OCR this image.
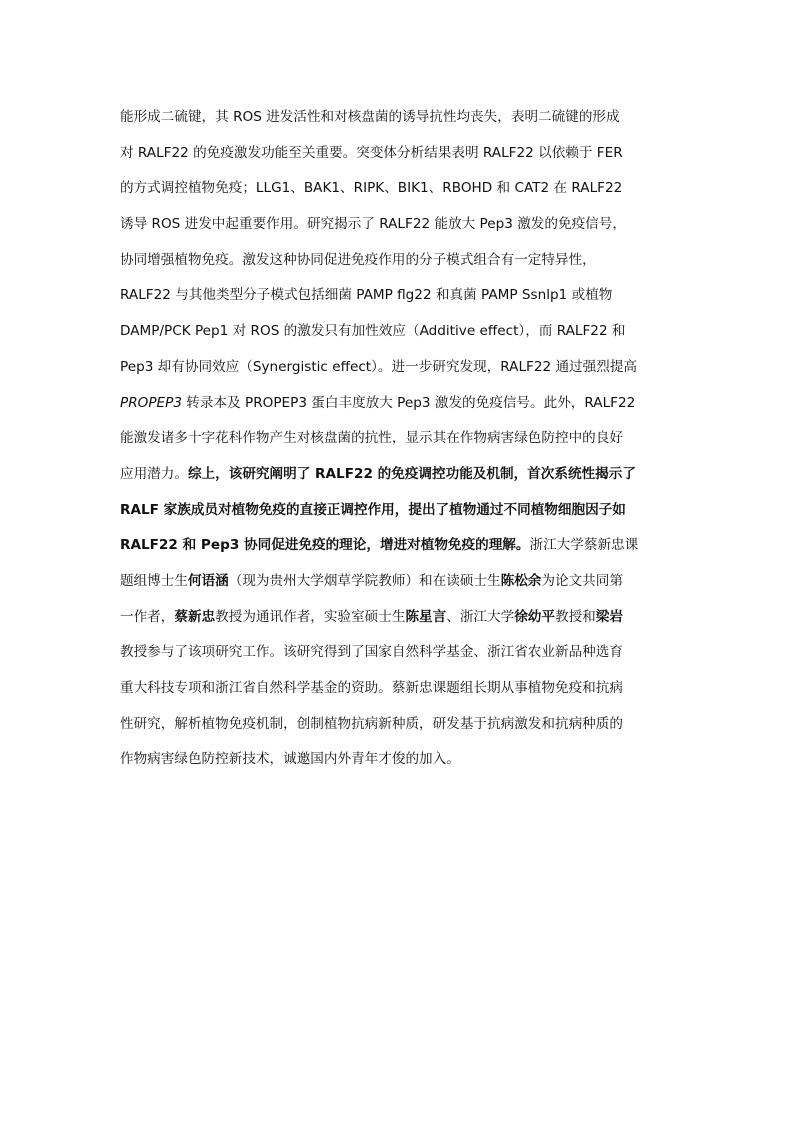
能形成二硫键，其 ROS 进发活性和对核盘菌的诱导抗性均丧失，表明二硫键的形成
对 RALF22 的免疫激发功能至关重要。突变体分析结果表明 RALF22 以依赖于 FER
的方式调控植物免疫；LLG1、BAK1、RIPK、BIK1、RBOHD 和 CAT2 在 RALF22
诱导 ROS 进发中起重要作用。研究揭示了 RALF22 能放大 Pep3 激发的免疫信号，
协同增强植物免疫。激发这种协同促进免疫作用的分子模式组合有一定特异性，
RALF22 与其他类型分子模式包括细菌 PAMP flg22 和真菌 PAMP Ssnlp1 或植物
DAMP/PCK Pep1 对 ROS 的激发只有加性效应（Additive effect），而 RALF22 和
Pep3 却有协同效应（Synergistic effect）。进一步研究发现，RALF22 通过强烈提高
PROPEP3 转录本及 PROPEP3 蛋白丰度放大 Pep3 激发的免疫信号。此外，RALF22
能激发诸多十字花科作物产生对核盘菌的抗性，显示其在作物病害绿色防控中的良好
应用潜力。综上，该研究阐明了 RALF22 的免疫调控功能及机制，首次系统性揭示了
RALF 家族成员对植物免疫的直接正调控作用，提出了植物通过不同植物细胞因子如
RALF22 和 Pep3 协同促进免疫的理论，增进对植物免疫的理解。浙江大学蔡新忠课
题组博士生何语涵（现为贵州大学烟草学院教师）和在读硕士生陈松余为论文共同第
一作者，蔡新忠教授为通讯作者，实验室硕士生陈星言、浙江大学徐幼平教授和梁岩
教授参与了该项研究工作。该研究得到了国家自然科学基金、浙江省农业新品种选育
重大科技专项和浙江省自然科学基金的资助。蔡新忠课题组长期从事植物免疫和抗病
性研究，解析植物免疫机制，创制植物抗病新种质，研发基于抗病激发和抗病种质的
作物病害绿色防控新技术，诚邀国内外青年才俊的加入。
